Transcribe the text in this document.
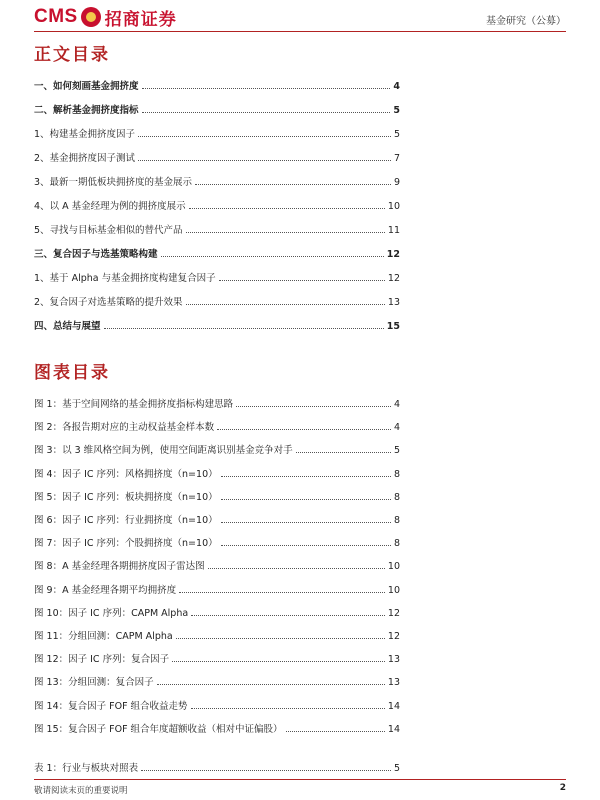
CMS 招商证券	基金研究（公募）
正文目录
一、如何刻画基金拥挤度	4
二、解析基金拥挤度指标	5
1、构建基金拥挤度因子	5
2、基金拥挤度因子测试	7
3、最新一期低板块拥挤度的基金展示	9
4、以 A 基金经理为例的拥挤度展示	10
5、寻找与目标基金相似的替代产品	11
三、复合因子与选基策略构建	12
1、基于 Alpha 与基金拥挤度构建复合因子	12
2、复合因子对选基策略的提升效果	13
四、总结与展望	15
图表目录
图 1：基于空间网络的基金拥挤度指标构建思路	4
图 2：各报告期对应的主动权益基金样本数	4
图 3：以 3 维风格空间为例，使用空间距离识别基金竞争对手	5
图 4：因子 IC 序列：风格拥挤度（n=10）	8
图 5：因子 IC 序列：板块拥挤度（n=10）	8
图 6：因子 IC 序列：行业拥挤度（n=10）	8
图 7：因子 IC 序列：个股拥挤度（n=10）	8
图 8：A 基金经理各期拥挤度因子雷达图	10
图 9：A 基金经理各期平均拥挤度	10
图 10：因子 IC 序列：CAPM Alpha	12
图 11：分组回测：CAPM Alpha	12
图 12：因子 IC 序列：复合因子	13
图 13：分组回测：复合因子	13
图 14：复合因子 FOF 组合收益走势	14
图 15：复合因子 FOF 组合年度超额收益（相对中证偏股）	14
表 1：行业与板块对照表	5
敬请阅读末页的重要说明	2
